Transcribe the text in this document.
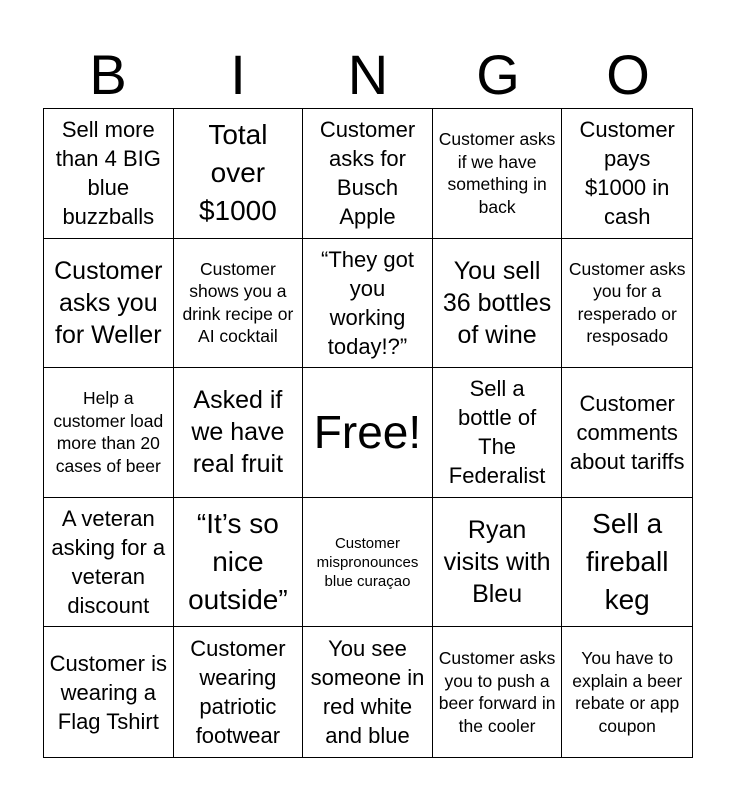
B	I	N	G	O
Sell more than 4 BIG blue buzzballs
Total over $1000
Customer asks for Busch Apple
Customer asks if we have something in back
Customer pays $1000 in cash
Customer asks you for Weller
Customer shows you a drink recipe or AI cocktail
“They got you working today!?”
You sell 36 bottles of wine
Customer asks you for a resperado or resposado
Help a customer load more than 20 cases of beer
Asked if we have real fruit
Free!
Sell a bottle of The Federalist
Customer comments about tariffs
A veteran asking for a veteran discount
“It’s so nice outside”
Customer mispronounces blue curaçao
Ryan visits with Bleu
Sell a fireball keg
Customer is wearing a Flag Tshirt
Customer wearing patriotic footwear
You see someone in red white and blue
Customer asks you to push a beer forward in the cooler
You have to explain a beer rebate or app coupon
